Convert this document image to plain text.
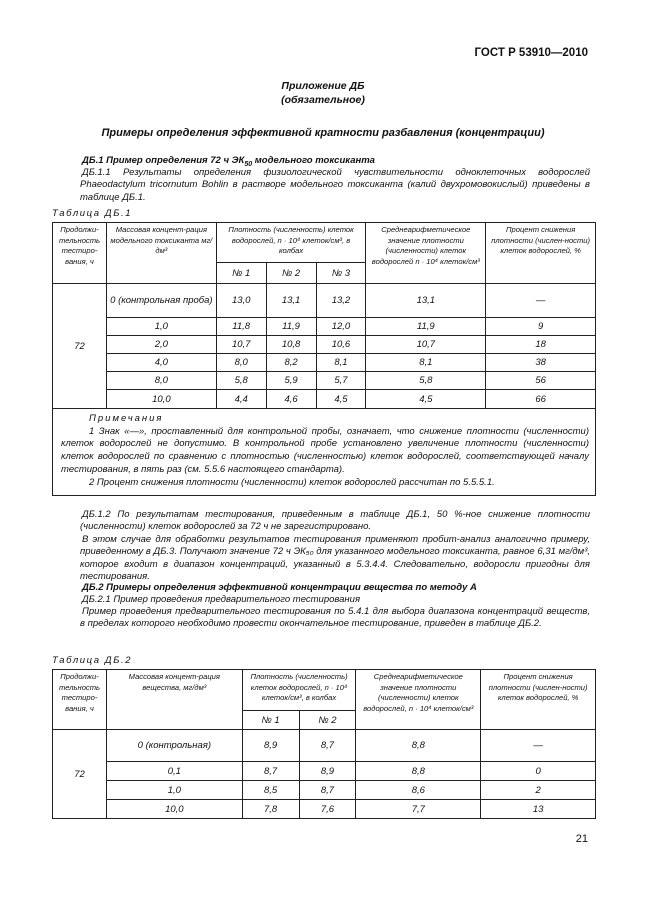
ГОСТ Р 53910—2010
Приложение ДБ
(обязательное)
Примеры определения эффективной кратности разбавления (концентрации)
ДБ.1 Пример определения 72 ч $ЭК_{50}$ модельного токсиканта
ДБ.1.1 Результаты определения физиологической чувствительности одноклеточных водорослей Phaeodactylum tricornutum Bohlin в растворе модельного токсиканта (калий двухромовокислый) приведены в таблице ДБ.1.
Таблица ДБ.1
Продолжи-тельность тестиро-вания, ч	Массовая концент-рация модельного токсиканта мг/дм³	Плотность (численность) клеток водорослей, n · 10⁴ клеток/см³, в колбах			Среднеарифметическое значение плотности (численности) клеток водорослей n · 10⁴ клеток/см³	Процент снижения плотности (числен-ности) клеток водорослей, %
		№ 1	№ 2	№ 3		
72	0 (контрольная проба)	13,0	13,1	13,2	13,1	—
	1,0	11,8	11,9	12,0	11,9	9
	2,0	10,7	10,8	10,6	10,7	18
	4,0	8,0	8,2	8,1	8,1	38
	8,0	5,8	5,9	5,7	5,8	56
	10,0	4,4	4,6	4,5	4,5	66

Примечания
1 Знак «—», проставленный для контрольной пробы, означает, что снижение плотности (численности) клеток водорослей не допустимо. В контрольной пробе установлено увеличение плотности (численности) клеток водорослей по сравнению с плотностью (численностью) клеток водорослей, соответствующей началу тестирования, в пять раз (см. 5.5.6 настоящего стандарта).
2 Процент снижения плотности (численности) клеток водорослей рассчитан по 5.5.5.1.						
ДБ.1.2 По результатам тестирования, приведенным в таблице ДБ.1, 50 %-ное снижение плотности (численности) клеток водорослей за 72 ч не зарегистрировано.
В этом случае для обработки результатов тестирования применяют пробит-анализ аналогично примеру, приведенному в ДБ.3. Получают значение 72 ч ЭК₅₀ для указанного модельного токсиканта, равное 6,31 мг/дм³, которое входит в диапазон концентраций, указанный в 5.3.4.4. Следовательно, водоросли пригодны для тестирования.
ДБ.2 Примеры определения эффективной концентрации вещества по методу А
ДБ.2.1 Пример проведения предварительного тестирования
Пример проведения предварительного тестирования по 5.4.1 для выбора диапазона концентраций веществ, в пределах которого необходимо провести окончательное тестирование, приведен в таблице ДБ.2.
Таблица ДБ.2
Продолжи-тельность тестиро-вания, ч	Массовая концент-рация вещества, мг/дм³	Плотность (численность) клеток водорослей, n · 10⁴ клеток/см³, в колбах		Среднеарифметическое значение плотности (численности) клеток водорослей, n · 10⁴ клеток/см³	Процент снижения плотности (числен-ности) клеток водорослей, %
		№ 1	№ 2		
72	0 (контрольная)	8,9	8,7	8,8	—
	0,1	8,7	8,9	8,8	0
	1,0	8,5	8,7	8,6	2
	10,0	7,8	7,6	7,7	13
21
